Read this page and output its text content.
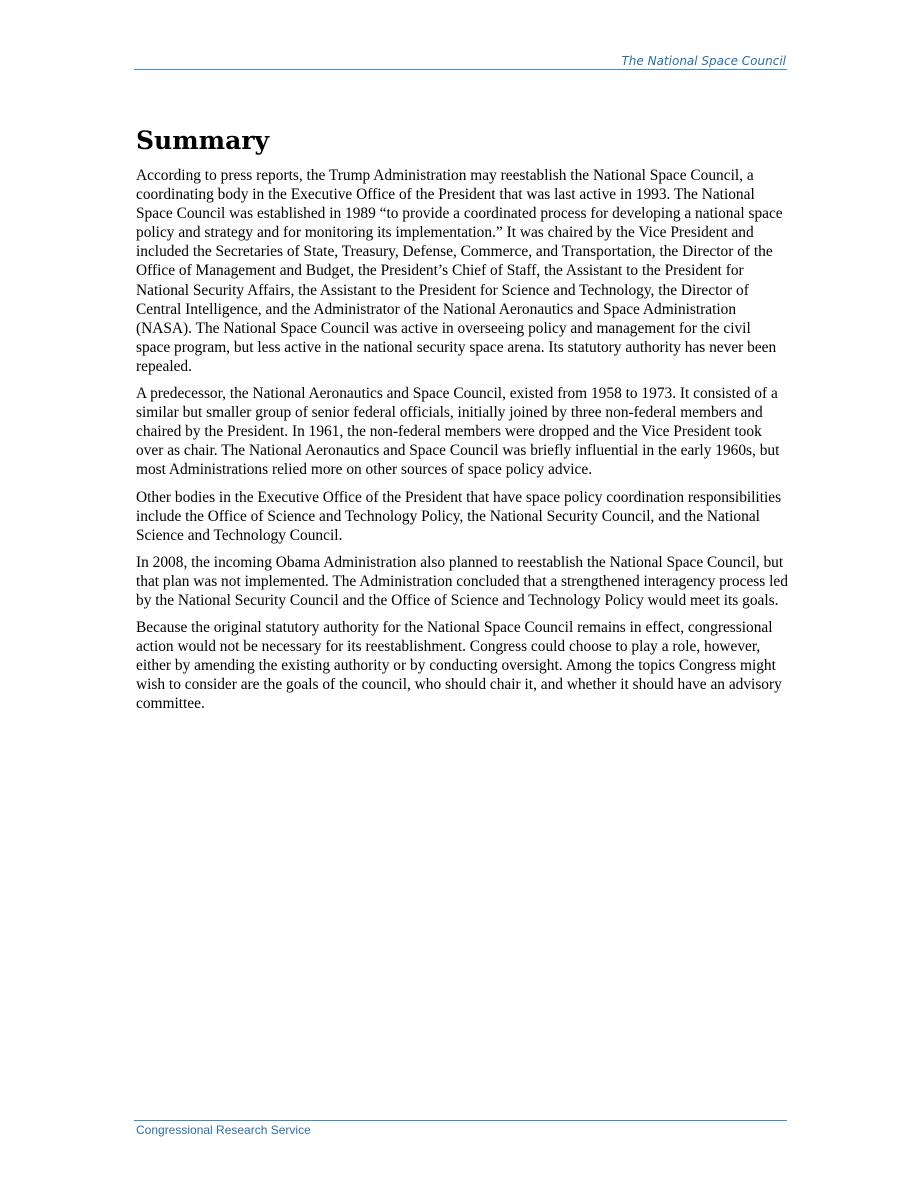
The National Space Council
Summary

According to press reports, the Trump Administration may reestablish the National Space Council, a coordinating body in the Executive Office of the President that was last active in 1993. The National Space Council was established in 1989 “to provide a coordinated process for developing a national space policy and strategy and for monitoring its implementation.” It was chaired by the Vice President and included the Secretaries of State, Treasury, Defense, Commerce, and Transportation, the Director of the Office of Management and Budget, the President’s Chief of Staff, the Assistant to the President for National Security Affairs, the Assistant to the President for Science and Technology, the Director of Central Intelligence, and the Administrator of the National Aeronautics and Space Administration (NASA). The National Space Council was active in overseeing policy and management for the civil space program, but less active in the national security space arena. Its statutory authority has never been repealed.

A predecessor, the National Aeronautics and Space Council, existed from 1958 to 1973. It consisted of a similar but smaller group of senior federal officials, initially joined by three non-federal members and chaired by the President. In 1961, the non-federal members were dropped and the Vice President took over as chair. The National Aeronautics and Space Council was briefly influential in the early 1960s, but most Administrations relied more on other sources of space policy advice.

Other bodies in the Executive Office of the President that have space policy coordination responsibilities include the Office of Science and Technology Policy, the National Security Council, and the National Science and Technology Council.

In 2008, the incoming Obama Administration also planned to reestablish the National Space Council, but that plan was not implemented. The Administration concluded that a strengthened interagency process led by the National Security Council and the Office of Science and Technology Policy would meet its goals.

Because the original statutory authority for the National Space Council remains in effect, congressional action would not be necessary for its reestablishment. Congress could choose to play a role, however, either by amending the existing authority or by conducting oversight. Among the topics Congress might wish to consider are the goals of the council, who should chair it, and whether it should have an advisory committee.

Congressional Research Service
